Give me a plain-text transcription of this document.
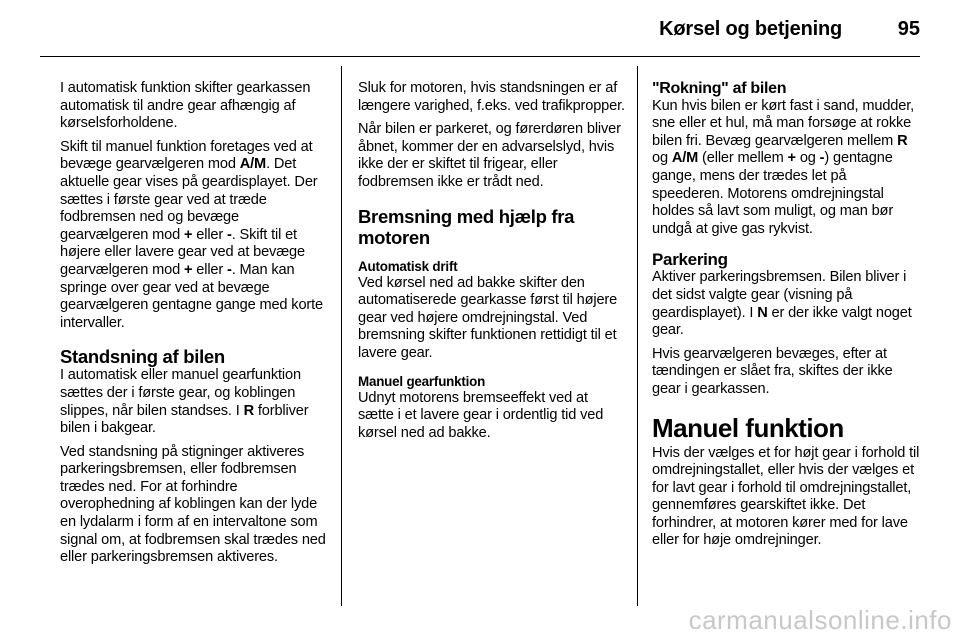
Kørsel og betjening	95

I automatisk funktion skifter gearkassen automatisk til andre gear afhængig af kørselsforholdene.

Skift til manuel funktion foretages ved at bevæge gearvælgeren mod A/M. Det aktuelle gear vises på geardisplayet. Der sættes i første gear ved at træde fodbremsen ned og bevæge gearvælgeren mod + eller -. Skift til et højere eller lavere gear ved at bevæge gearvælgeren mod + eller -. Man kan springe over gear ved at bevæge gearvælgeren gentagne gange med korte intervaller.

Standsning af bilen

I automatisk eller manuel gearfunktion sættes der i første gear, og koblingen slippes, når bilen standses. I R forbliver bilen i bakgear.

Ved standsning på stigninger aktiveres parkeringsbremsen, eller fodbremsen trædes ned. For at forhindre overophedning af koblingen kan der lyde en lydalarm i form af en intervaltone som signal om, at fodbremsen skal trædes ned eller parkeringsbremsen aktiveres.

Sluk for motoren, hvis standsningen er af længere varighed, f.eks. ved trafikpropper.

Når bilen er parkeret, og førerdøren bliver åbnet, kommer der en advarselslyd, hvis ikke der er skiftet til frigear, eller fodbremsen ikke er trådt ned.

Bremsning med hjælp fra motoren
Automatisk drift

Ved kørsel ned ad bakke skifter den automatiserede gearkasse først til højere gear ved højere omdrejningstal. Ved bremsning skifter funktionen rettidigt til et lavere gear.

Manuel gearfunktion

Udnyt motorens bremseeffekt ved at sætte i et lavere gear i ordentlig tid ved kørsel ned ad bakke.

"Rokning" af bilen

Kun hvis bilen er kørt fast i sand, mudder, sne eller et hul, må man forsøge at rokke bilen fri. Bevæg gearvælgeren mellem R og A/M (eller mellem + og -) gentagne gange, mens der trædes let på speederen. Motorens omdrejningstal holdes så lavt som muligt, og man bør undgå at give gas rykvist.

Parkering

Aktiver parkeringsbremsen. Bilen bliver i det sidst valgte gear (visning på geardisplayet). I N er der ikke valgt noget gear.

Hvis gearvælgeren bevæges, efter at tændingen er slået fra, skiftes der ikke gear i gearkassen.

Manuel funktion

Hvis der vælges et for højt gear i forhold til omdrejningstallet, eller hvis der vælges et for lavt gear i forhold til omdrejningstallet, gennemføres gearskiftet ikke. Det forhindrer, at motoren kører med for lave eller for høje omdrejninger.

carmanualsonline.info
